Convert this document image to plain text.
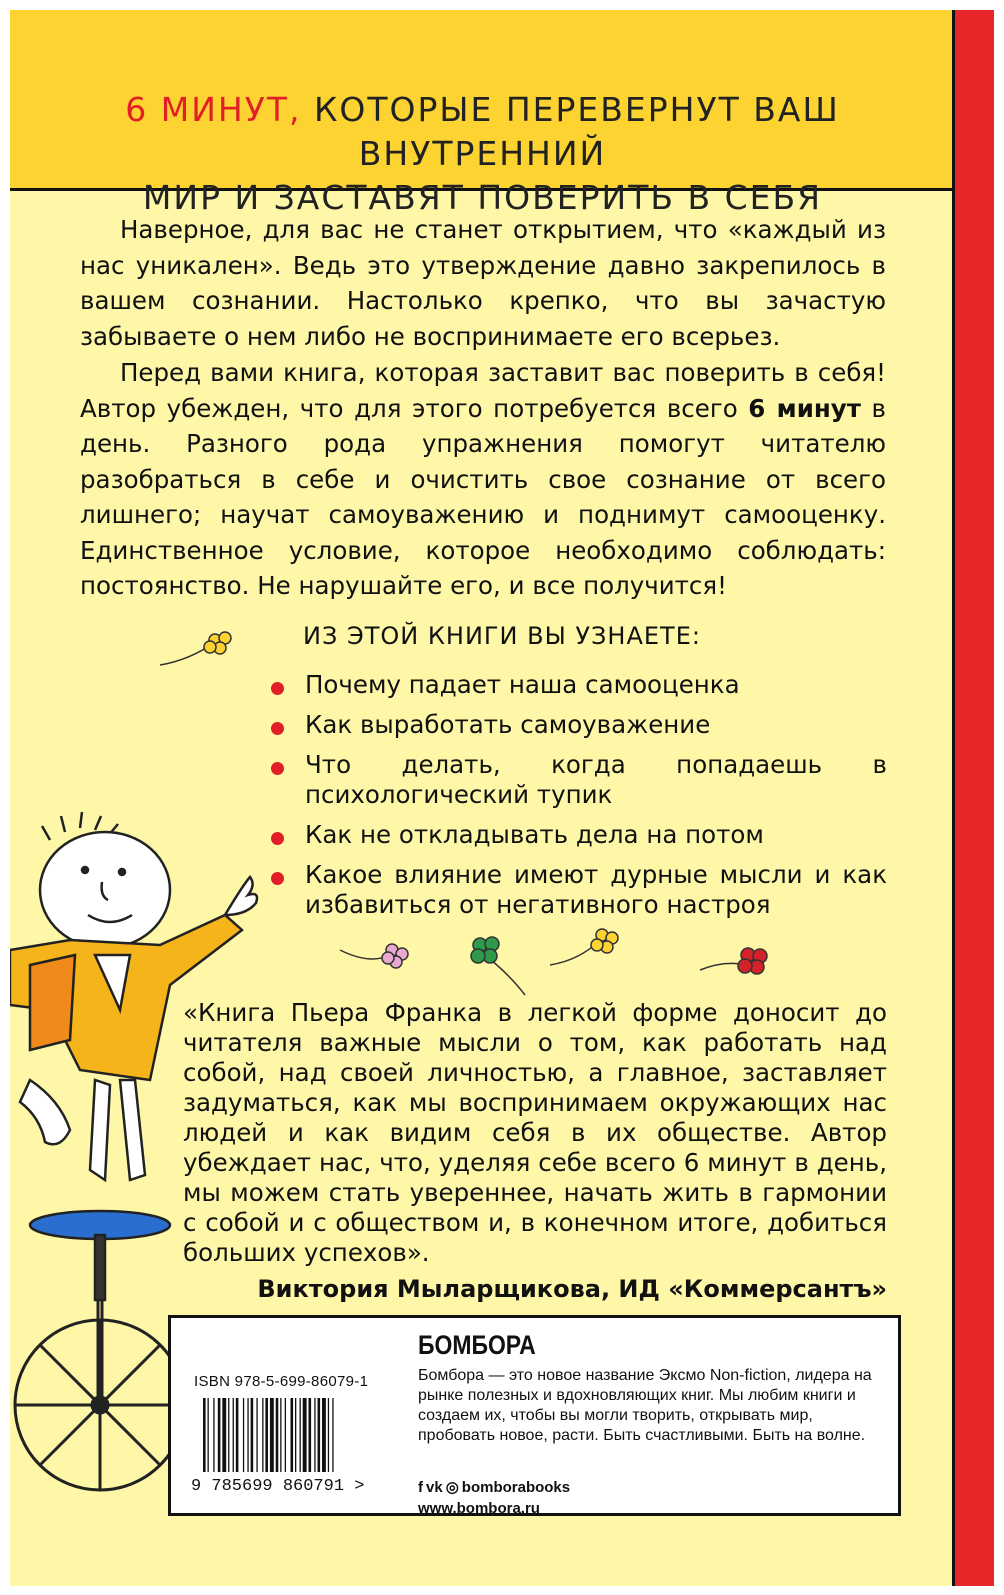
6 МИНУТ, КОТОРЫЕ ПЕРЕВЕРНУТ ВАШ ВНУТРЕННИЙ
МИР И ЗАСТАВЯТ ПОВЕРИТЬ В СЕБЯ

Наверное, для вас не станет открытием, что «каждый из нас уникален». Ведь это утверждение давно закрепилось в вашем сознании. Настолько крепко, что вы зачастую забываете о нем либо не воспринимаете его всерьез.

Перед вами книга, которая заставит вас поверить в себя! Автор убежден, что для этого потребуется всего 6 минут в день. Разного рода упражнения помогут читателю разобраться в себе и очистить свое сознание от всего лишнего; научат самоуважению и поднимут самооценку. Единственное условие, которое необходимо соблюдать: постоянство. Не нарушайте его, и все получится!

ИЗ ЭТОЙ КНИГИ ВЫ УЗНАЕТЕ:
Почему падает наша самооценка
Как выработать самоуважение
Что делать, когда попадаешь в психологический тупик
Как не откладывать дела на потом
Какое влияние имеют дурные мысли и как избавиться от негативного настроя

«Книга Пьера Франка в легкой форме доносит до читателя важные мысли о том, как работать над собой, над своей личностью, а главное, заставляет задуматься, как мы воспринимаем окружающих нас людей и как видим себя в их обществе. Автор убеждает нас, что, уделяя себе всего 6 минут в день, мы можем стать увереннее, начать жить в гармонии с собой и с обществом и, в конечном итоге, добиться больших успехов».

Виктория Мыларщикова, ИД «Коммерсантъ»
ISBN 978-5-699-86079-1
9 785699 860791 >
БОМБОРА

Бомбора — это новое название Эксмо Non-fiction, лидера на рынке полезных и вдохновляющих книг. Мы любим книги и создаем их, чтобы вы могли творить, открывать мир, пробовать новое, расти. Быть счастливыми. Быть на волне.

f vk ◎ bomborabooks
www.bombora.ru
